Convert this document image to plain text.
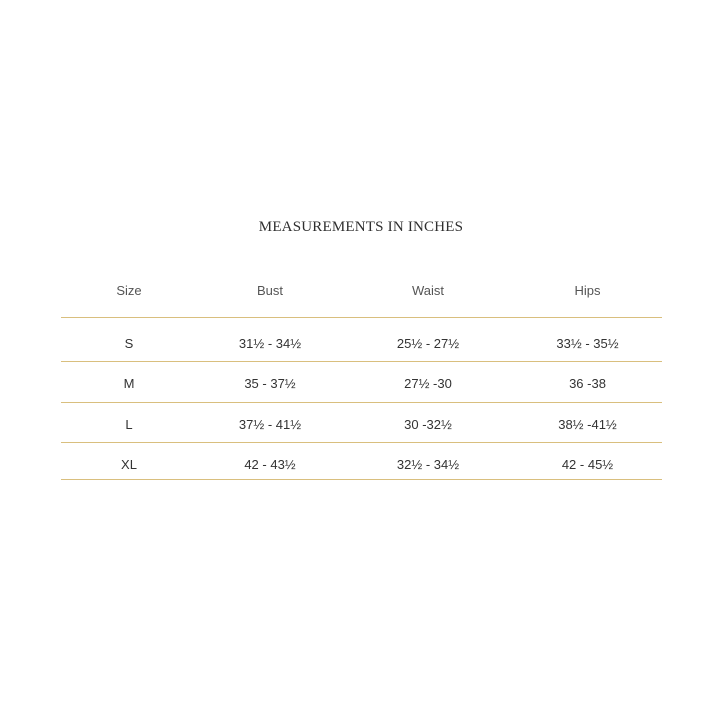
MEASUREMENTS IN INCHES
Size	Bust	Waist	Hips
S	31½ - 34½	25½ - 27½	33½ - 35½
M	35 - 37½	27½ -30	36 -38
L	37½ - 41½	30 -32½	38½ -41½
XL	42 - 43½	32½ - 34½	42 - 45½
